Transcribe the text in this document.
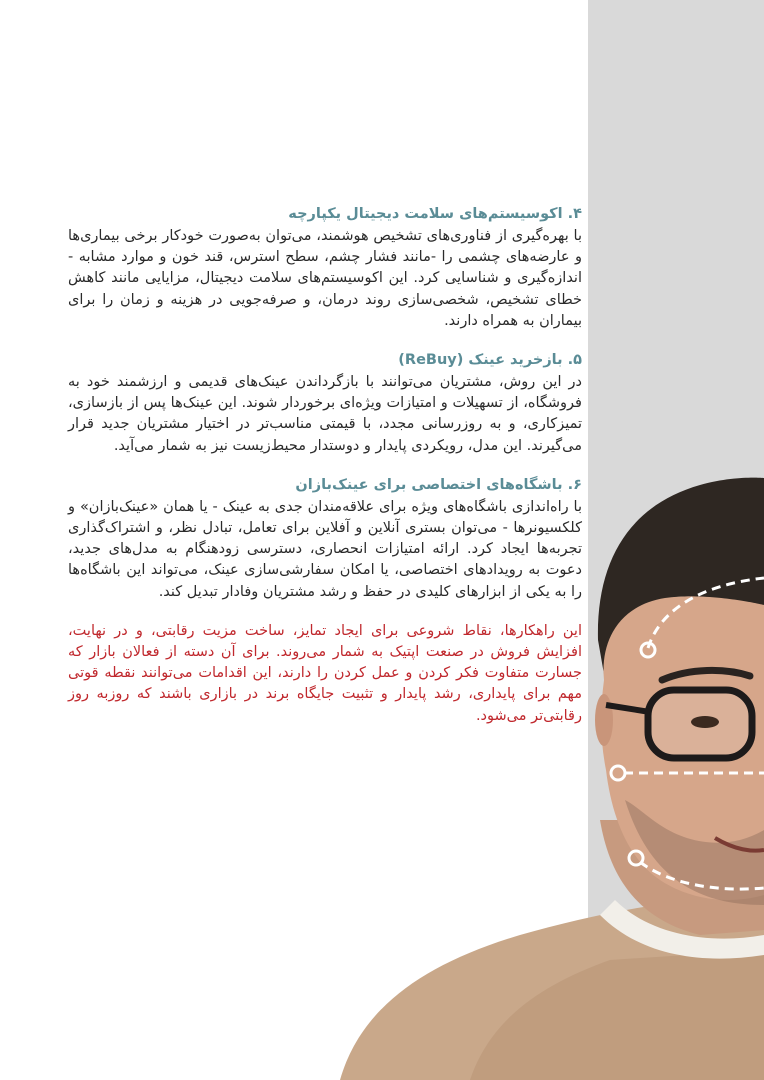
۴. اکوسیستم‌های سلامت دیجیتال یکپارچه

با بهره‌گیری از فناوری‌های تشخیص هوشمند، می‌توان به‌صورت خودکار برخی بیماری‌ها و عارضه‌های چشمی را -مانند فشار چشم، سطح استرس، قند خون و موارد مشابه - اندازه‌گیری و شناسایی کرد. این اکوسیستم‌های سلامت دیجیتال، مزایایی مانند کاهش خطای تشخیص، شخصی‌سازی روند درمان، و صرفه‌جویی در هزینه و زمان را برای بیماران به همراه دارند.

۵. بازخرید عینک (ReBuy)

در این روش، مشتریان می‌توانند با بازگرداندن عینک‌های قدیمی و ارزشمند خود به فروشگاه، از تسهیلات و امتیازات ویژه‌ای برخوردار شوند. این عینک‌ها پس از بازسازی، تمیزکاری، و به روزرسانی مجدد، با قیمتی مناسب‌تر در اختیار مشتریان جدید قرار می‌گیرند. این مدل، رویکردی پایدار و دوستدار محیط‌زیست نیز به شمار می‌آید.

۶. باشگاه‌های اختصاصی برای عینک‌بازان

با راه‌اندازی باشگاه‌های ویژه برای علاقه‌مندان جدی به عینک - یا همان «عینک‌بازان» و کلکسیونرها - می‌توان بستری آنلاین و آفلاین برای تعامل، تبادل نظر، و اشتراک‌گذاری تجربه‌ها ایجاد کرد. ارائه امتیازات انحصاری، دسترسی زودهنگام به مدل‌های جدید، دعوت به رویدادهای اختصاصی، یا امکان سفارشی‌سازی عینک، می‌تواند این باشگاه‌ها را به یکی از ابزارهای کلیدی در حفظ و رشد مشتریان وفادار تبدیل کند.

این راهکارها، نقاط شروعی برای ایجاد تمایز، ساخت مزیت رقابتی، و در نهایت، افزایش فروش در صنعت اپتیک به شمار می‌روند. برای آن دسته از فعالان بازار که جسارت متفاوت فکر کردن و عمل کردن را دارند، این اقدامات می‌توانند نقطه قوتی مهم برای پایداری، رشد پایدار و تثبیت جایگاه برند در بازاری باشند که روزبه روز رقابتی‌تر می‌شود.
